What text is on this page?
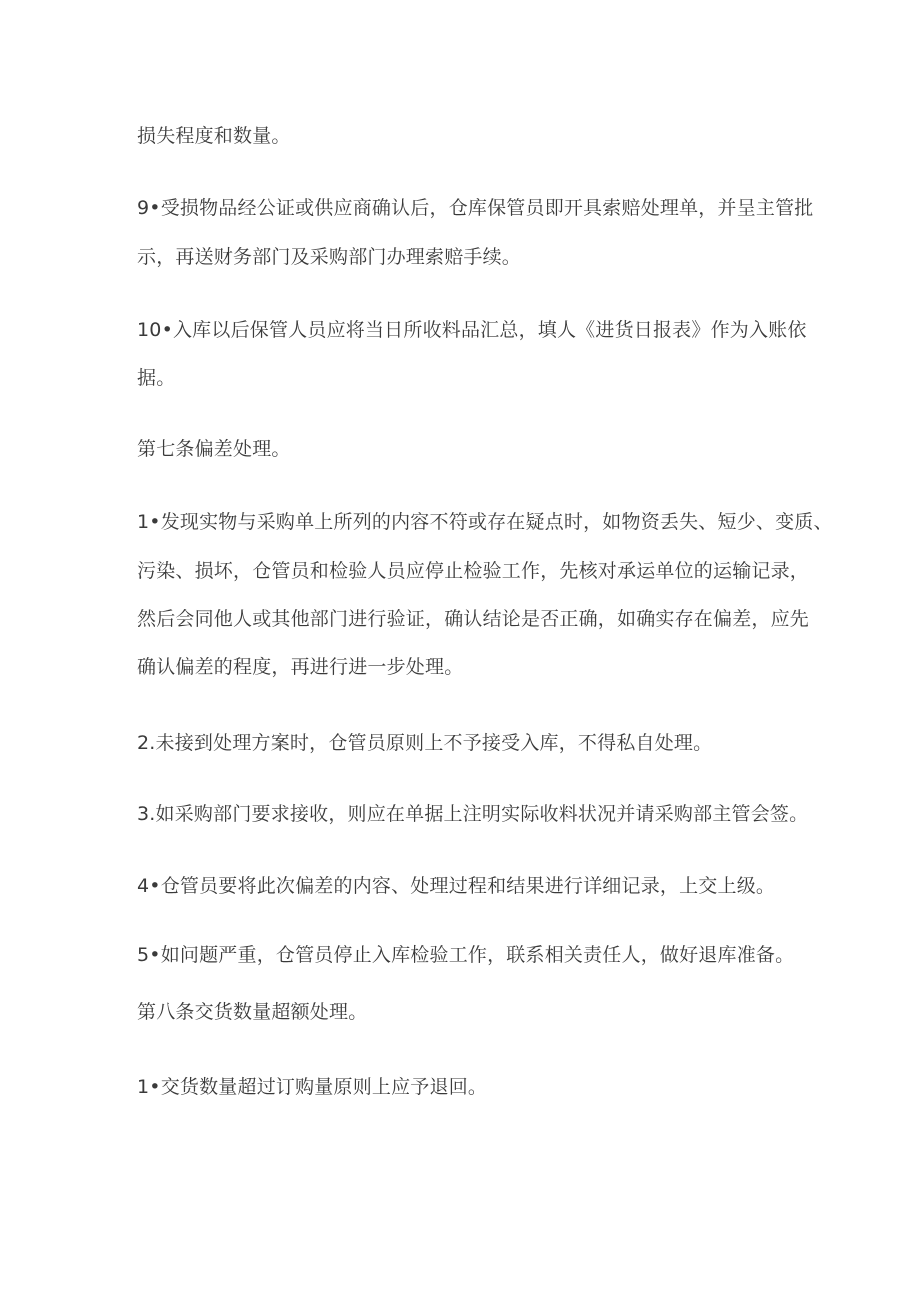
损失程度和数量。

9•受损物品经公证或供应商确认后，仓库保管员即开具索赔处理单，并呈主管批

示，再送财务部门及采购部门办理索赔手续。

10•入库以后保管人员应将当日所收料品汇总，填人《进货日报表》作为入账依

据。

第七条偏差处理。

1•发现实物与采购单上所列的内容不符或存在疑点时，如物资丢失、短少、变质、

污染、损坏，仓管员和检验人员应停止检验工作，先核对承运单位的运输记录，

然后会同他人或其他部门进行验证，确认结论是否正确，如确实存在偏差，应先

确认偏差的程度，再进行进一步处理。

2.未接到处理方案时，仓管员原则上不予接受入库，不得私自处理。

3.如采购部门要求接收，则应在单据上注明实际收料状况并请采购部主管会签。

4•仓管员要将此次偏差的内容、处理过程和结果进行详细记录，上交上级。

5•如问题严重，仓管员停止入库检验工作，联系相关责任人，做好退库准备。

第八条交货数量超额处理。

1•交货数量超过订购量原则上应予退回。
